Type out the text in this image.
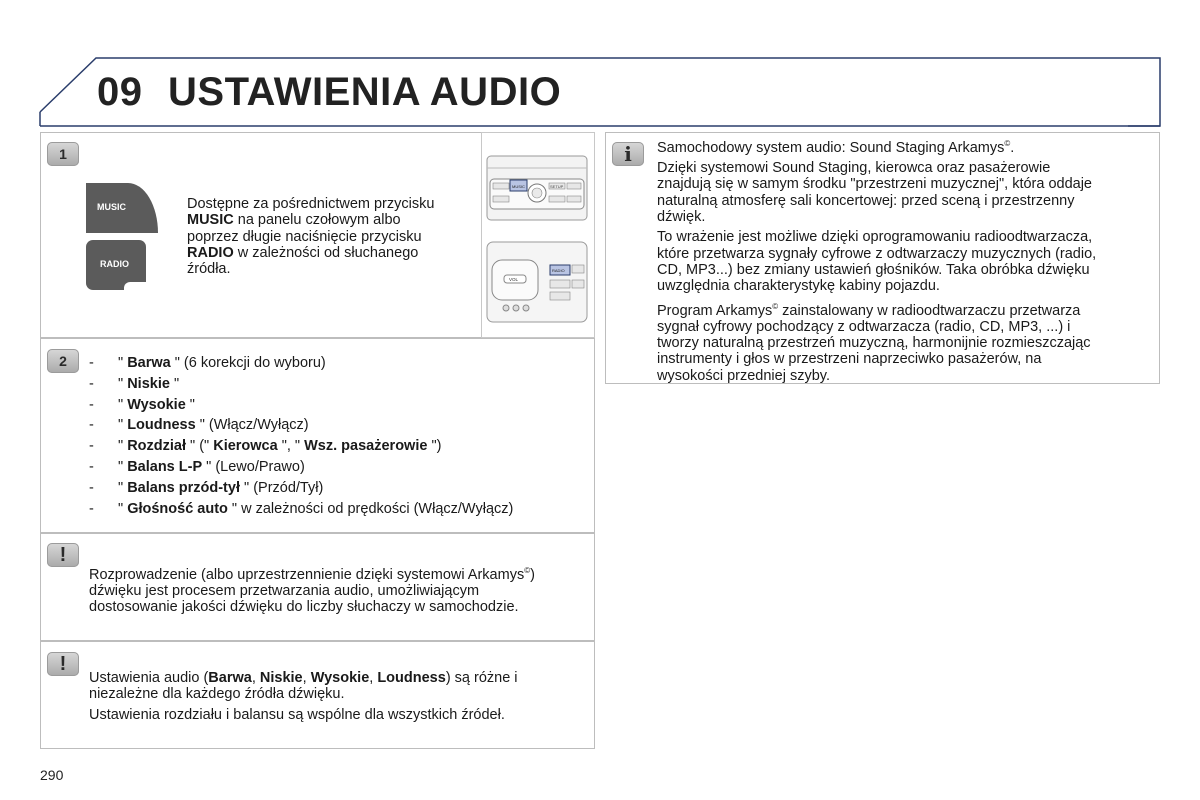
09 USTAWIENIA AUDIO
1
MUSIC
RADIO
Dostępne za pośrednictwem przycisku
MUSIC na panelu czołowym albo
poprzez długie naciśnięcie przycisku
RADIO w zależności od słuchanego
źródła.
MUSIC	SETUP
VOL
RADIO
2
-	" Barwa " (6 korekcji do wyboru)
- " Niskie "
- " Wysokie "
- " Loudness " (Włącz/Wyłącz)
- " Rozdział " (" Kierowca ", " Wsz. pasażerowie ")
- " Balans L-P " (Lewo/Prawo)
- " Balans przód-tył " (Przód/Tył)
- " Głośność auto " w zależności od prędkości (Włącz/Wyłącz)
!
Rozprowadzenie (albo uprzestrzennienie dzięki systemowi Arkamys©)
dźwięku jest procesem przetwarzania audio, umożliwiającym
dostosowanie jakości dźwięku do liczby słuchaczy w samochodzie.
!
Ustawienia audio (Barwa, Niskie, Wysokie, Loudness) są różne i
niezależne dla każdego źródła dźwięku.
Ustawienia rozdziału i balansu są wspólne dla wszystkich źródeł.
i	Samochodowy system audio: Sound Staging Arkamys©.
Dzięki systemowi Sound Staging, kierowca oraz pasażerowie
znajdują się w samym środku "przestrzeni muzycznej", która oddaje
naturalną atmosferę sali koncertowej: przed sceną i przestrzenny
dźwięk.
To wrażenie jest możliwe dzięki oprogramowaniu radioodtwarzacza,
które przetwarza sygnały cyfrowe z odtwarzaczy muzycznych (radio,
CD, MP3...) bez zmiany ustawień głośników. Taka obróbka dźwięku
uwzględnia charakterystykę kabiny pojazdu.
Program Arkamys© zainstalowany w radioodtwarzaczu przetwarza
sygnał cyfrowy pochodzący z odtwarzacza (radio, CD, MP3, ...) i
tworzy naturalną przestrzeń muzyczną, harmonijnie rozmieszczając
instrumenty i głos w przestrzeni naprzeciwko pasażerów, na
wysokości przedniej szyby.
290
